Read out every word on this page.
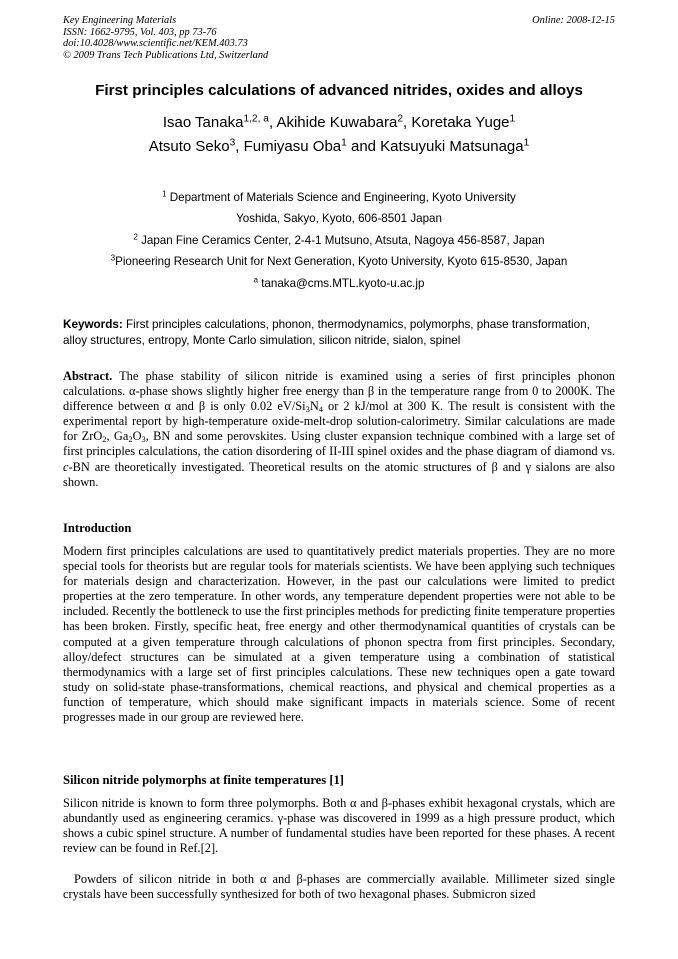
Key Engineering Materials
ISSN: 1662-9795, Vol. 403, pp 73-76
doi:10.4028/www.scientific.net/KEM.403.73
© 2009 Trans Tech Publications Ltd, Switzerland
Online: 2008-12-15
First principles calculations of advanced nitrides, oxides and alloys
Isao Tanaka$^{1,2, a}$, Akihide Kuwabara$^2$, Koretaka Yuge$^1$
Atsuto Seko$^3$, Fumiyasu Oba$^1$ and Katsuyuki Matsunaga$^1$
$^1$ Department of Materials Science and Engineering, Kyoto University
Yoshida, Sakyo, Kyoto, 606-8501 Japan
$^2$ Japan Fine Ceramics Center, 2-4-1 Mutsuno, Atsuta, Nagoya 456-8587, Japan
$^3$Pioneering Research Unit for Next Generation, Kyoto University, Kyoto 615-8530, Japan
$^a$ tanaka@cms.MTL.kyoto-u.ac.jp
Keywords: First principles calculations, phonon, thermodynamics, polymorphs, phase transformation, alloy structures, entropy, Monte Carlo simulation, silicon nitride, sialon, spinel
Abstract. The phase stability of silicon nitride is examined using a series of first principles phonon calculations. α-phase shows slightly higher free energy than β in the temperature range from 0 to 2000K. The difference between α and β is only 0.02 $eV/Si_3N_4$ or 2 kJ/mol at 300 K. The result is consistent with the experimental report by high-temperature oxide-melt-drop solution-calorimetry. Similar calculations are made for ZrO$_2$, $Ga_2O_3$, BN and some perovskites. Using cluster expansion technique combined with a large set of first principles calculations, the cation disordering of II-III spinel oxides and the phase diagram of diamond vs. c-BN are theoretically investigated. Theoretical results on the atomic structures of β and γ sialons are also shown.
Introduction
Modern first principles calculations are used to quantitatively predict materials properties. They are no more special tools for theorists but are regular tools for materials scientists. We have been applying such techniques for materials design and characterization. However, in the past our calculations were limited to predict properties at the zero temperature. In other words, any temperature dependent properties were not able to be included. Recently the bottleneck to use the first principles methods for predicting finite temperature properties has been broken. Firstly, specific heat, free energy and other thermodynamical quantities of crystals can be computed at a given temperature through calculations of phonon spectra from first principles. Secondary, alloy/defect structures can be simulated at a given temperature using a combination of statistical thermodynamics with a large set of first principles calculations. These new techniques open a gate toward study on solid-state phase-transformations, chemical reactions, and physical and chemical properties as a function of temperature, which should make significant impacts in materials science. Some of recent progresses made in our group are reviewed here.
Silicon nitride polymorphs at finite temperatures [1]
Silicon nitride is known to form three polymorphs. Both α and β-phases exhibit hexagonal crystals, which are abundantly used as engineering ceramics. γ-phase was discovered in 1999 as a high pressure product, which shows a cubic spinel structure. A number of fundamental studies have been reported for these phases. A recent review can be found in Ref.[2].
Powders of silicon nitride in both α and β-phases are commercially available. Millimeter sized single crystals have been successfully synthesized for both of two hexagonal phases. Submicron sized
